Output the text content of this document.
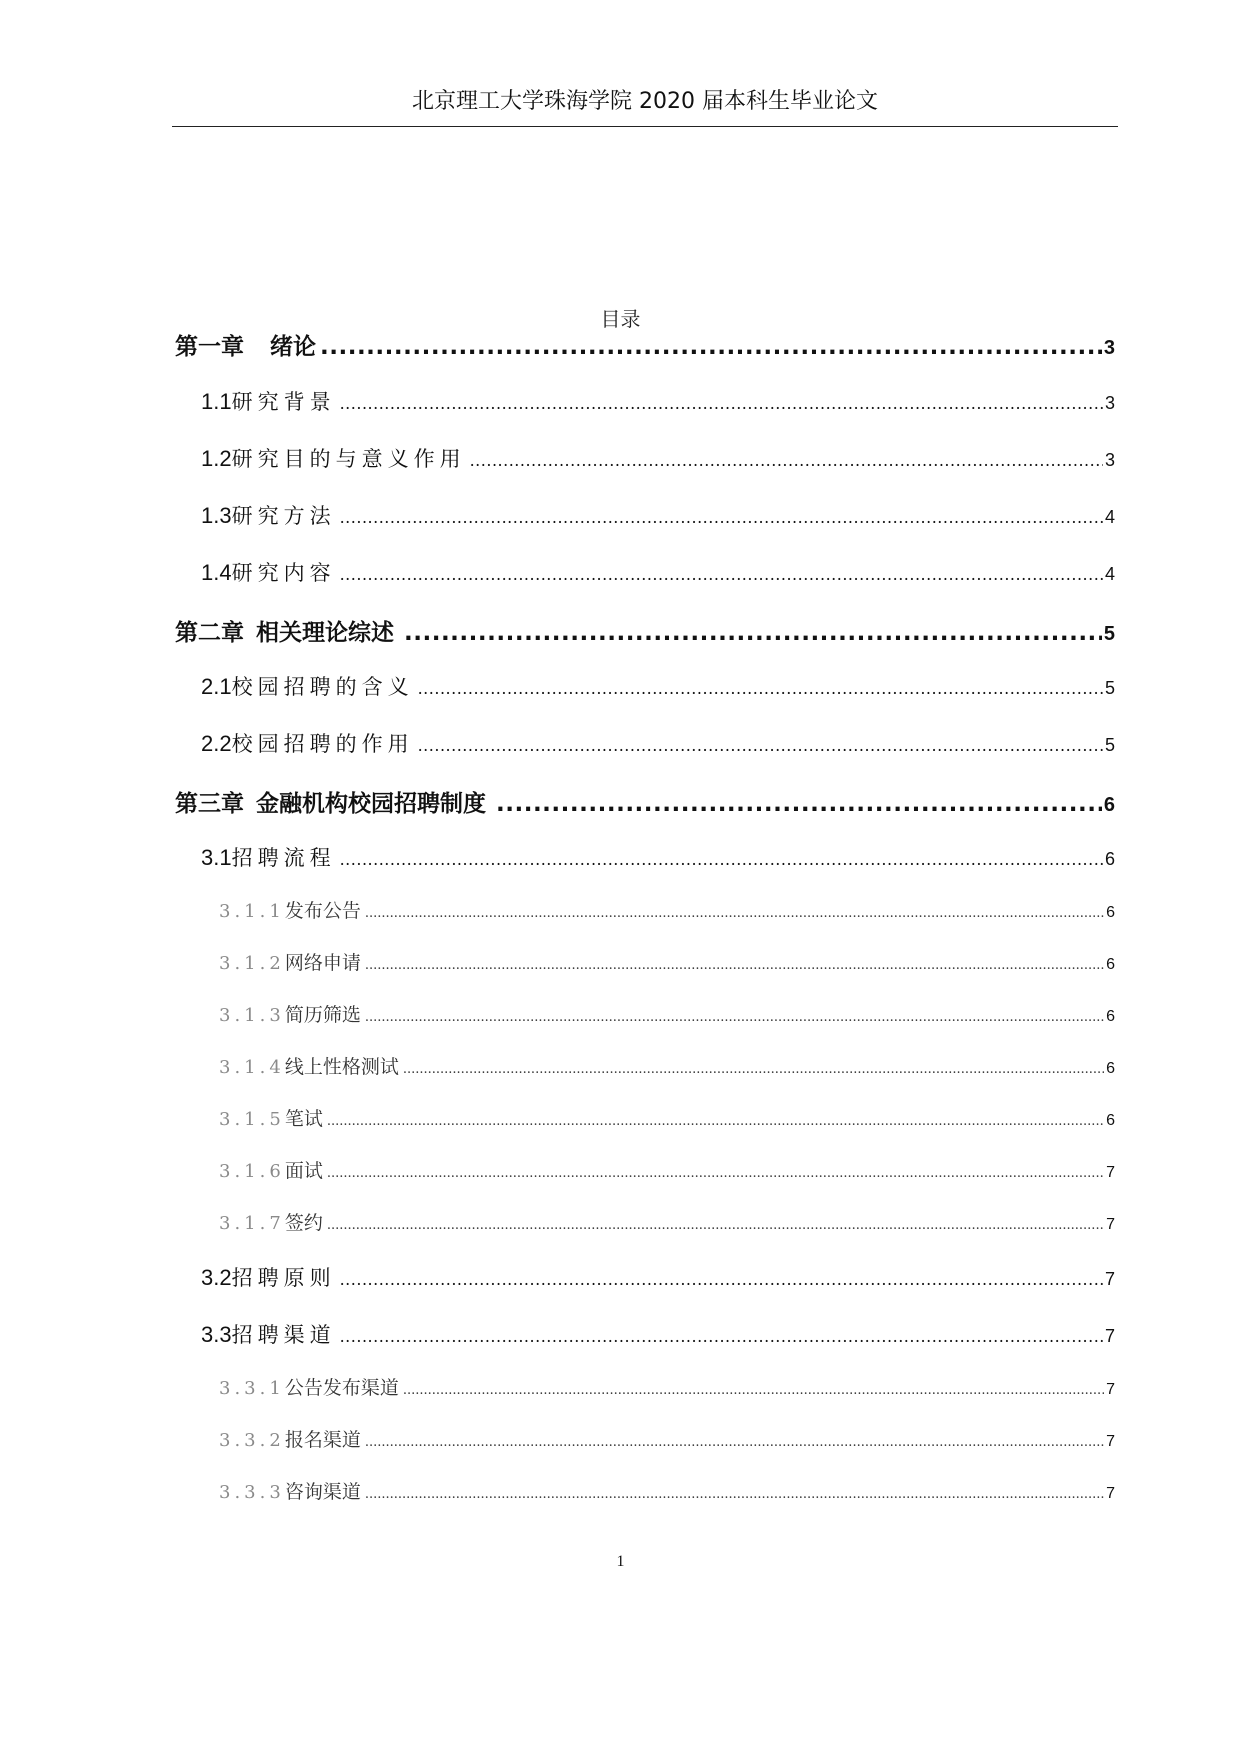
北京理工大学珠海学院 2020 届本科生毕业论文
目录
第一章 绪论 .....	3
1.1 研究背景 .....	3
1.2 研究目的与意义作用 .....	3
1.3 研究方法 .....	4
1.4 研究内容 .....	4
第二章 相关理论综述 .....	5
2.1 校园招聘的含义 .....	5
2.2 校园招聘的作用 .....	5
第三章 金融机构校园招聘制度 .....	6
3.1 招聘流程 .....	6
3.1.1 发布公告 .....	6
3.1.2 网络申请 .....	6
3.1.3 简历筛选 .....	6
3.1.4 线上性格测试 .....	6
3.1.5 笔试 .....	6
3.1.6 面试 .....	7
3.1.7 签约 .....	7
3.2 招聘原则 .....	7
3.3 招聘渠道 .....	7
3.3.1 公告发布渠道 .....	7
3.3.2 报名渠道 .....	7
3.3.3 咨询渠道 .....	7
1
